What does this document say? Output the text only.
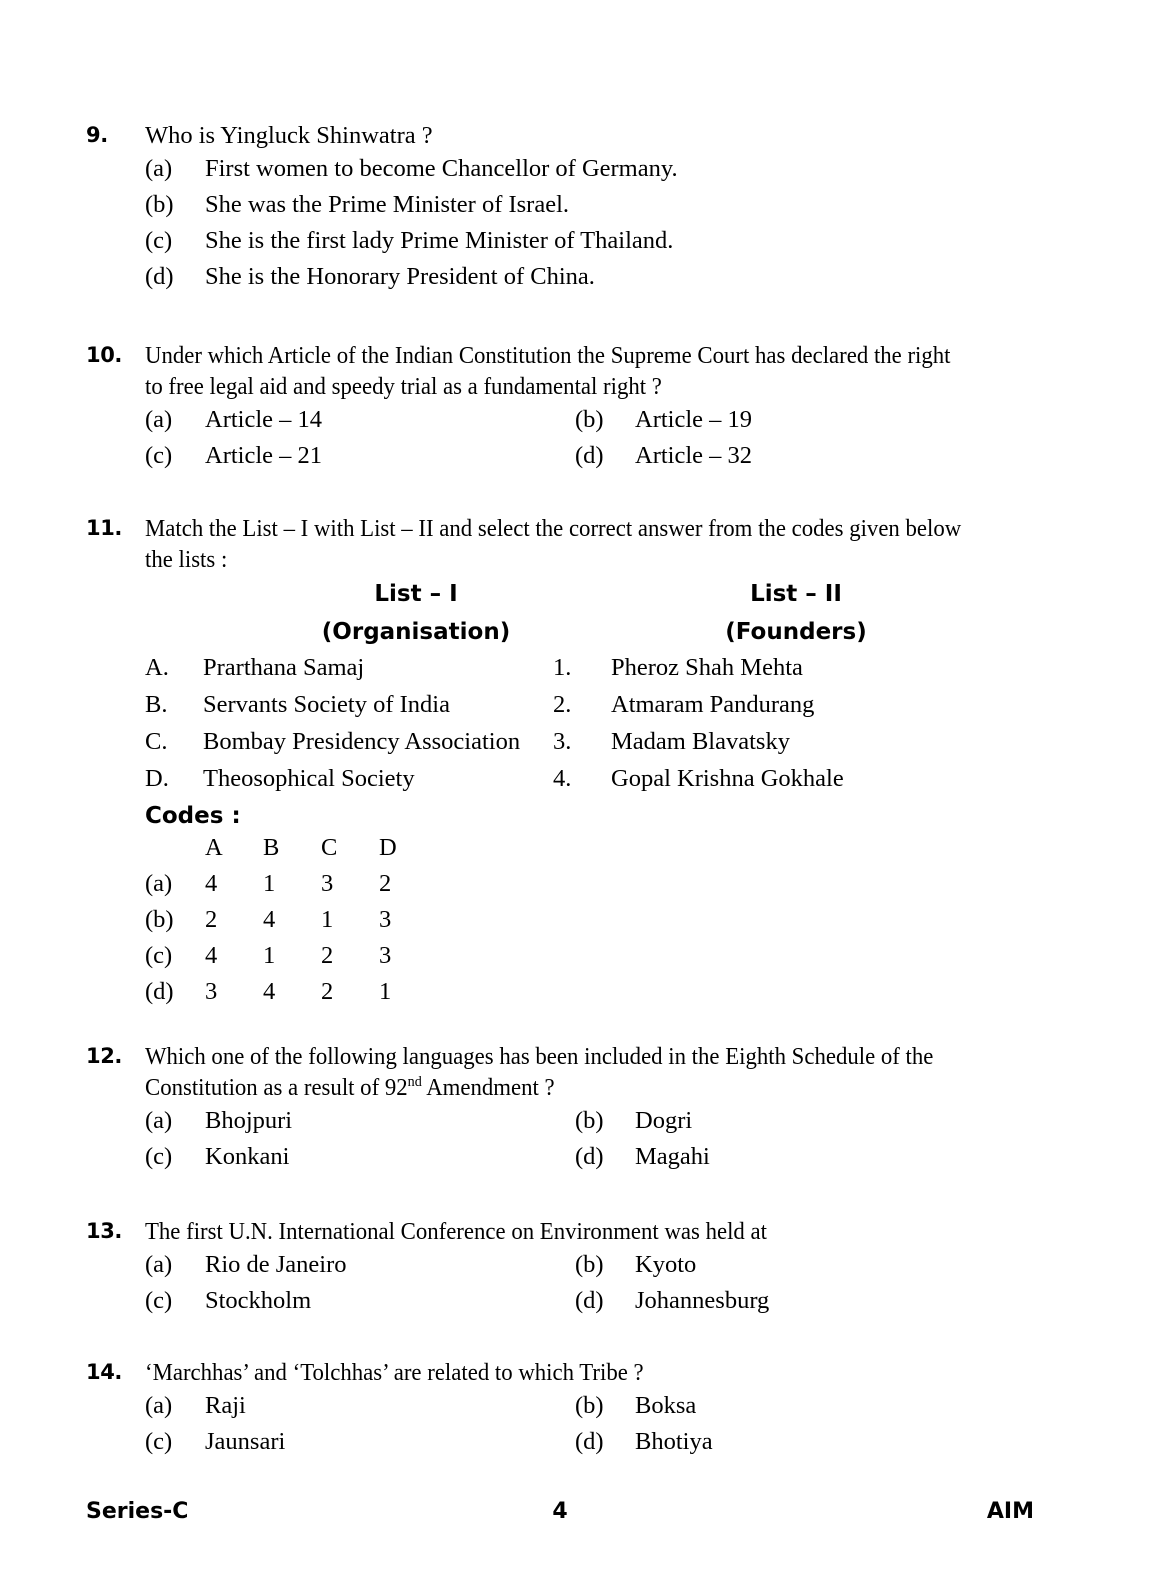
9.	Who is Yingluck Shinwatra ?
(a)	First women to become Chancellor of Germany.
(b)	She was the Prime Minister of Israel.
(c)	She is the first lady Prime Minister of Thailand.
(d)	She is the Honorary President of China.
10. Under which Article of the Indian Constitution the Supreme Court has declared the right to free legal aid and speedy trial as a fundamental right ?
(a)	Article – 14	(b)	Article – 19
(c)	Article – 21	(d)	Article – 32
11. Match the List – I with List – II and select the correct answer from the codes given below the lists :
List – I	List – II
(Organisation)	(Founders)
A.	Prarthana Samaj	1.	Pheroz Shah Mehta
B.	Servants Society of India	2.	Atmaram Pandurang
C.	Bombay Presidency Association 3.	Madam Blavatsky
D.	Theosophical Society	4.	Gopal Krishna Gokhale
Codes :
	A	B	C	D
(a)	4	1	3	2
(b)	2	4	1	3
(c)	4	1	2	3
(d)	3	4	2	1
12. Which one of the following languages has been included in the Eighth Schedule of the Constitution as a result of 92nd Amendment ?
(a)	Bhojpuri	(b)	Dogri
(c)	Konkani	(d)	Magahi
13. The first U.N. International Conference on Environment was held at
(a)	Rio de Janeiro	(b)	Kyoto
(c)	Stockholm	(d)	Johannesburg
14. ‘Marchhas’ and ‘Tolchhas’ are related to which Tribe ?
(a)	Raji	(b)	Boksa
(c)	Jaunsari	(d)	Bhotiya
Series-C	4	AIM
